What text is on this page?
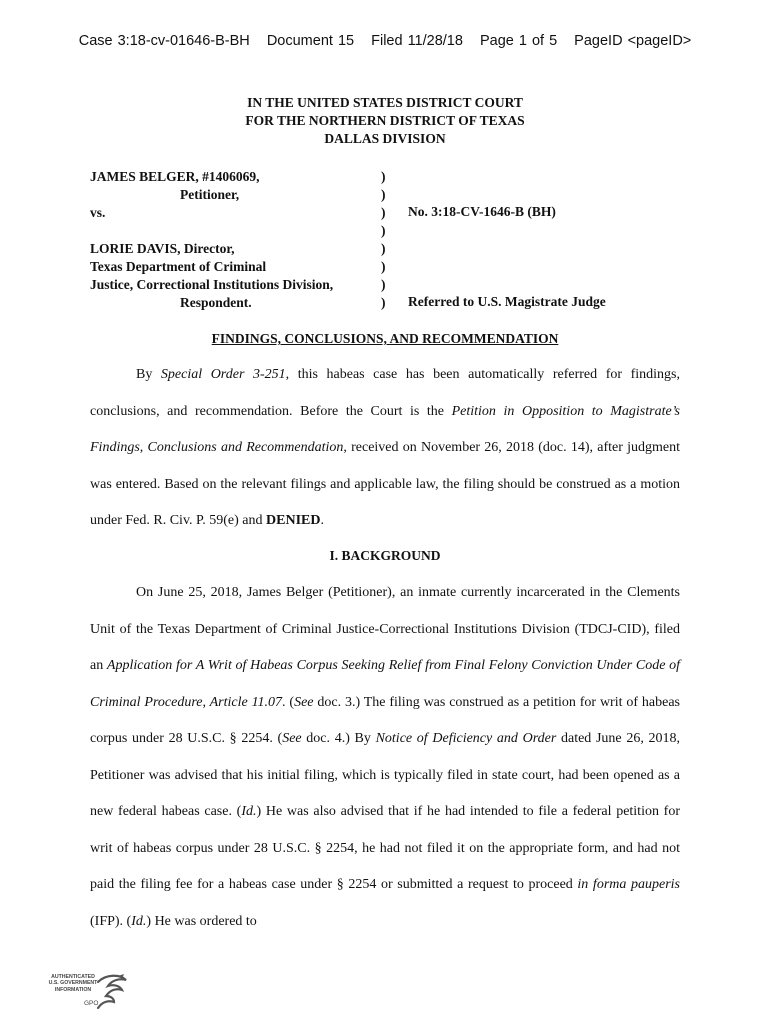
Case 3:18-cv-01646-B-BH Document 15 Filed 11/28/18 Page 1 of 5 PageID <pageID>
IN THE UNITED STATES DISTRICT COURT
FOR THE NORTHERN DISTRICT OF TEXAS
DALLAS DIVISION
JAMES BELGER, #1406069,
Petitioner,
vs.

LORIE DAVIS, Director,
Texas Department of Criminal
Justice, Correctional Institutions Division,
Respondent.
)
)
)
)
)
)
)
)
No. 3:18-CV-1646-B (BH)
Referred to U.S. Magistrate Judge
FINDINGS, CONCLUSIONS, AND RECOMMENDATION
By Special Order 3-251, this habeas case has been automatically referred for findings, conclusions, and recommendation. Before the Court is the Petition in Opposition to Magistrate’s Findings, Conclusions and Recommendation, received on November 26, 2018 (doc. 14), after judgment was entered. Based on the relevant filings and applicable law, the filing should be construed as a motion under Fed. R. Civ. P. 59(e) and DENIED.
I. BACKGROUND
On June 25, 2018, James Belger (Petitioner), an inmate currently incarcerated in the Clements Unit of the Texas Department of Criminal Justice-Correctional Institutions Division (TDCJ-CID), filed an Application for A Writ of Habeas Corpus Seeking Relief from Final Felony Conviction Under Code of Criminal Procedure, Article 11.07. (See doc. 3.) The filing was construed as a petition for writ of habeas corpus under 28 U.S.C. § 2254. (See doc. 4.) By Notice of Deficiency and Order dated June 26, 2018, Petitioner was advised that his initial filing, which is typically filed in state court, had been opened as a new federal habeas case. (Id.) He was also advised that if he had intended to file a federal petition for writ of habeas corpus under 28 U.S.C. § 2254, he had not filed it on the appropriate form, and had not paid the filing fee for a habeas case under § 2254 or submitted a request to proceed in forma pauperis (IFP). (Id.) He was ordered to
AUTHENTICATED
U.S. GOVERNMENT
INFORMATION
GPO
